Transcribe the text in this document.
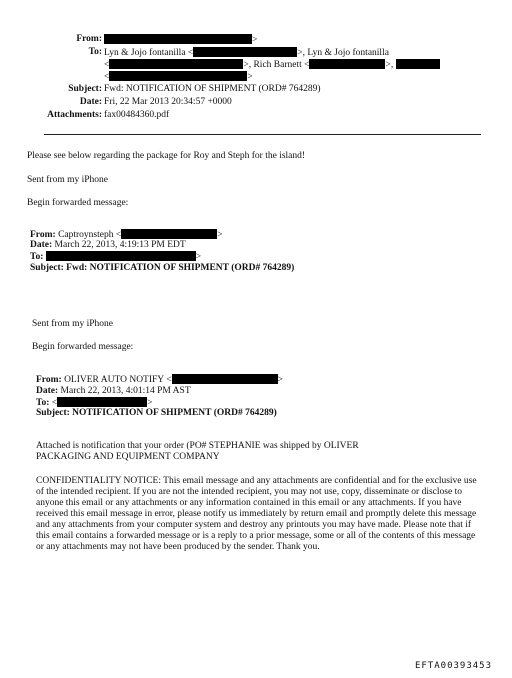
From:	>
To: Lyn & Jojo fontanilla <	>, Lyn & Jojo fontanilla
<	>, Rich Barnett <	>,
<	>
Subject: Fwd: NOTIFICATION OF SHIPMENT (ORD# 764289)
Date: Fri, 22 Mar 2013 20:34:57 +0000
Attachments: fax00484360.pdf
Please see below regarding the package for Roy and Steph for the island!
Sent from my iPhone
Begin forwarded message:
From: Captroynsteph <	>
Date: March 22, 2013, 4:19:13 PM EDT
To:	>
Subject: Fwd: NOTIFICATION OF SHIPMENT (ORD# 764289)
Sent from my iPhone
Begin forwarded message:
From: OLIVER AUTO NOTIFY <	>
Date: March 22, 2013, 4:01:14 PM AST
To: <	>
Subject: NOTIFICATION OF SHIPMENT (ORD# 764289)
Attached is notification that your order (PO# STEPHANIE was shipped by OLIVER
PACKAGING AND EQUIPMENT COMPANY
CONFIDENTIALITY NOTICE: This email message and any attachments are confidential and for the exclusive use of the intended recipient. If you are not the intended recipient, you may not use, copy, disseminate or disclose to anyone this email or any attachments or any information contained in this email or any attachments. If you have received this email message in error, please notify us immediately by return email and promptly delete this message and any attachments from your computer system and destroy any printouts you may have made. Please note that if this email contains a forwarded message or is a reply to a prior message, some or all of the contents of this message or any attachments may not have been produced by the sender. Thank you.
EFTA00393453
